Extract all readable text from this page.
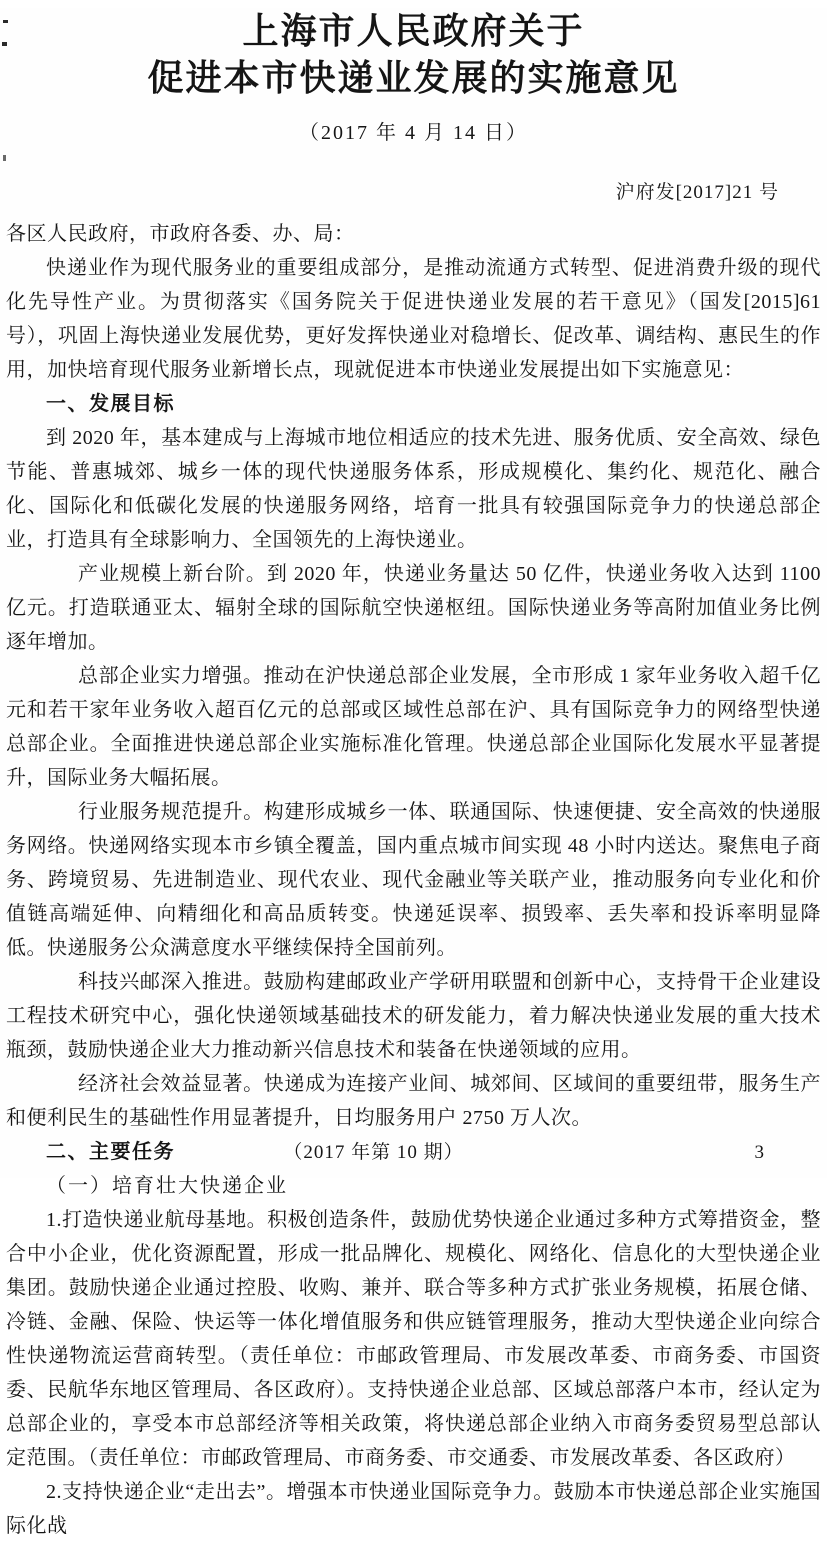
上海市人民政府关于
促进本市快递业发展的实施意见
（2017 年 4 月 14 日）
沪府发[2017]21 号

各区人民政府，市政府各委、办、局：

快递业作为现代服务业的重要组成部分，是推动流通方式转型、促进消费升级的现代化先导性产业。为贯彻落实《国务院关于促进快递业发展的若干意见》（国发[2015]61 号），巩固上海快递业发展优势，更好发挥快递业对稳增长、促改革、调结构、惠民生的作用，加快培育现代服务业新增长点，现就促进本市快递业发展提出如下实施意见：

一、发展目标

到 2020 年，基本建成与上海城市地位相适应的技术先进、服务优质、安全高效、绿色节能、普惠城郊、城乡一体的现代快递服务体系，形成规模化、集约化、规范化、融合化、国际化和低碳化发展的快递服务网络，培育一批具有较强国际竞争力的快递总部企业，打造具有全球影响力、全国领先的上海快递业。

产业规模上新台阶。到 2020 年，快递业务量达 50 亿件，快递业务收入达到 1100 亿元。打造联通亚太、辐射全球的国际航空快递枢纽。国际快递业务等高附加值业务比例逐年增加。

总部企业实力增强。推动在沪快递总部企业发展，全市形成 1 家年业务收入超千亿元和若干家年业务收入超百亿元的总部或区域性总部在沪、具有国际竞争力的网络型快递总部企业。全面推进快递总部企业实施标准化管理。快递总部企业国际化发展水平显著提升，国际业务大幅拓展。

行业服务规范提升。构建形成城乡一体、联通国际、快速便捷、安全高效的快递服务网络。快递网络实现本市乡镇全覆盖，国内重点城市间实现 48 小时内送达。聚焦电子商务、跨境贸易、先进制造业、现代农业、现代金融业等关联产业，推动服务向专业化和价值链高端延伸、向精细化和高品质转变。快递延误率、损毁率、丢失率和投诉率明显降低。快递服务公众满意度水平继续保持全国前列。

科技兴邮深入推进。鼓励构建邮政业产学研用联盟和创新中心，支持骨干企业建设工程技术研究中心，强化快递领域基础技术的研发能力，着力解决快递业发展的重大技术瓶颈，鼓励快递企业大力推动新兴信息技术和装备在快递领域的应用。

经济社会效益显著。快递成为连接产业间、城郊间、区域间的重要纽带，服务生产和便利民生的基础性作用显著提升，日均服务用户 2750 万人次。

二、主要任务

（一）培育壮大快递企业

1.打造快递业航母基地。积极创造条件，鼓励优势快递企业通过多种方式筹措资金，整合中小企业，优化资源配置，形成一批品牌化、规模化、网络化、信息化的大型快递企业集团。鼓励快递企业通过控股、收购、兼并、联合等多种方式扩张业务规模，拓展仓储、冷链、金融、保险、快运等一体化增值服务和供应链管理服务，推动大型快递企业向综合性快递物流运营商转型。（责任单位：市邮政管理局、市发展改革委、市商务委、市国资委、民航华东地区管理局、各区政府）。支持快递企业总部、区域总部落户本市，经认定为总部企业的，享受本市总部经济等相关政策，将快递总部企业纳入市商务委贸易型总部认定范围。（责任单位：市邮政管理局、市商务委、市交通委、市发展改革委、各区政府）

2.支持快递企业“走出去”。增强本市快递业国际竞争力。鼓励本市快递总部企业实施国际化战

（2017 年第 10 期）	3
